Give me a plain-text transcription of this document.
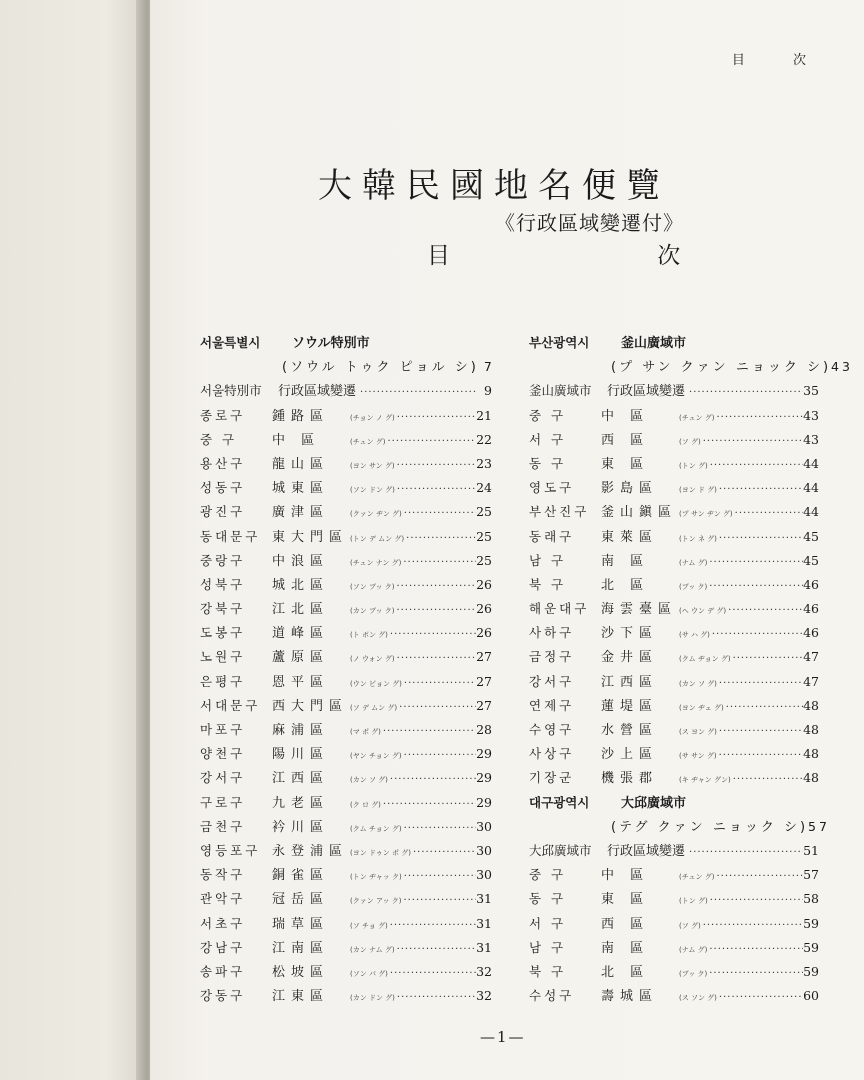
目 次
大韓民國地名便覽
《行政區域變遷付》
目 次
서울특별시	ソウル特別市
(ソウル トゥク ピョル シ) 7
서울特別市	行政區域變遷 ·····	9
종로구	鍾路區	(チョン ノ グ) ·····	21
중 구	中 區	(チュン グ) ·····	22
용산구	龍山區	(ヨン サン グ) ·····	23
성동구	城東區	(ソン ドン グ) ·····	24
광진구	廣津區	(クァン ヂン グ) ·····	25
동대문구 東大門區 (トン デ ムン グ) ·····	25
중랑구	中浪區	(チュン ナン グ) ·····	25
성북구	城北區	(ソン ブッ ク) ·····	26
강북구	江北區	(カン ブッ ク) ·····	26
도봉구	道峰區	(ト ボン グ) ·····	26
노원구	蘆原區	(ノ ウォン グ) ·····	27
은평구	恩平區	(ウン ピョン グ) ·····	27
서대문구 西大門區 (ソ デ ムン グ) ·····	27
마포구	麻浦區	(マ ポ グ) ·····	28
양천구	陽川區	(ヤン チョン グ) ·····	29
강서구	江西區	(カン ソ グ) ·····	29
구로구	九老區	(ク ロ グ) ·····	29
금천구	衿川區	(クム チョン グ) ·····	30
영등포구 永登浦區 (ヨン ドゥン ポ グ) ·····	30
동작구	銅雀區	(トン ヂャッ ク) ·····	30
관악구	冠岳區	(クァン アッ ク) ·····	31
서초구	瑞草區	(ソ チョ グ) ·····	31
강남구	江南區	(カン ナム グ) ·····	31
송파구	松坡區	(ソン パ グ) ·····	32
강동구	江東區	(カン ドン グ) ·····	32
부산광역시	釜山廣域市
(プ サン クァン ニョック シ) 43
釜山廣域市	行政區域變遷 ·····	35
중 구	中 區	(チュン グ) ·····	43
서 구	西 區	(ソ グ) ·····	43
동 구	東 區	(トン グ) ·····	44
영도구	影島區	(ヨン ド グ) ·····	44
부산진구 釜山鎭區 (プ サン ヂン グ) ·····	44
동래구	東萊區	(トン ネ グ) ·····	45
남 구	南 區	(ナム グ) ·····	45
북 구	北 區	(ブッ ク) ·····	46
해운대구 海雲臺區 (ヘ ウン デ グ) ·····	46
사하구	沙下區	(サ ハ グ) ·····	46
금정구	金井區	(クム ヂョン グ) ·····	47
강서구	江西區	(カン ソ グ) ·····	47
연제구	蓮堤區	(ヨン ヂェ グ) ·····	48
수영구	水營區	(ス ヨン グ) ·····	48
사상구	沙上區	(サ サン グ) ·····	48
기장군	機張郡	(キ ヂャン グン) ·····	48
대구광역시	大邱廣域市
(テグ クァン ニョック シ) 57
大邱廣域市	行政區域變遷 ·····	51
중 구	中 區	(チュン グ) ·····	57
동 구	東 區	(トン グ) ·····	58
서 구	西 區	(ソ グ) ·····	59
남 구	南 區	(ナム グ) ·····	59
북 구	北 區	(ブッ ク) ·····	59
수성구	壽城區	(ス ソン グ) ·····	60
—1—
